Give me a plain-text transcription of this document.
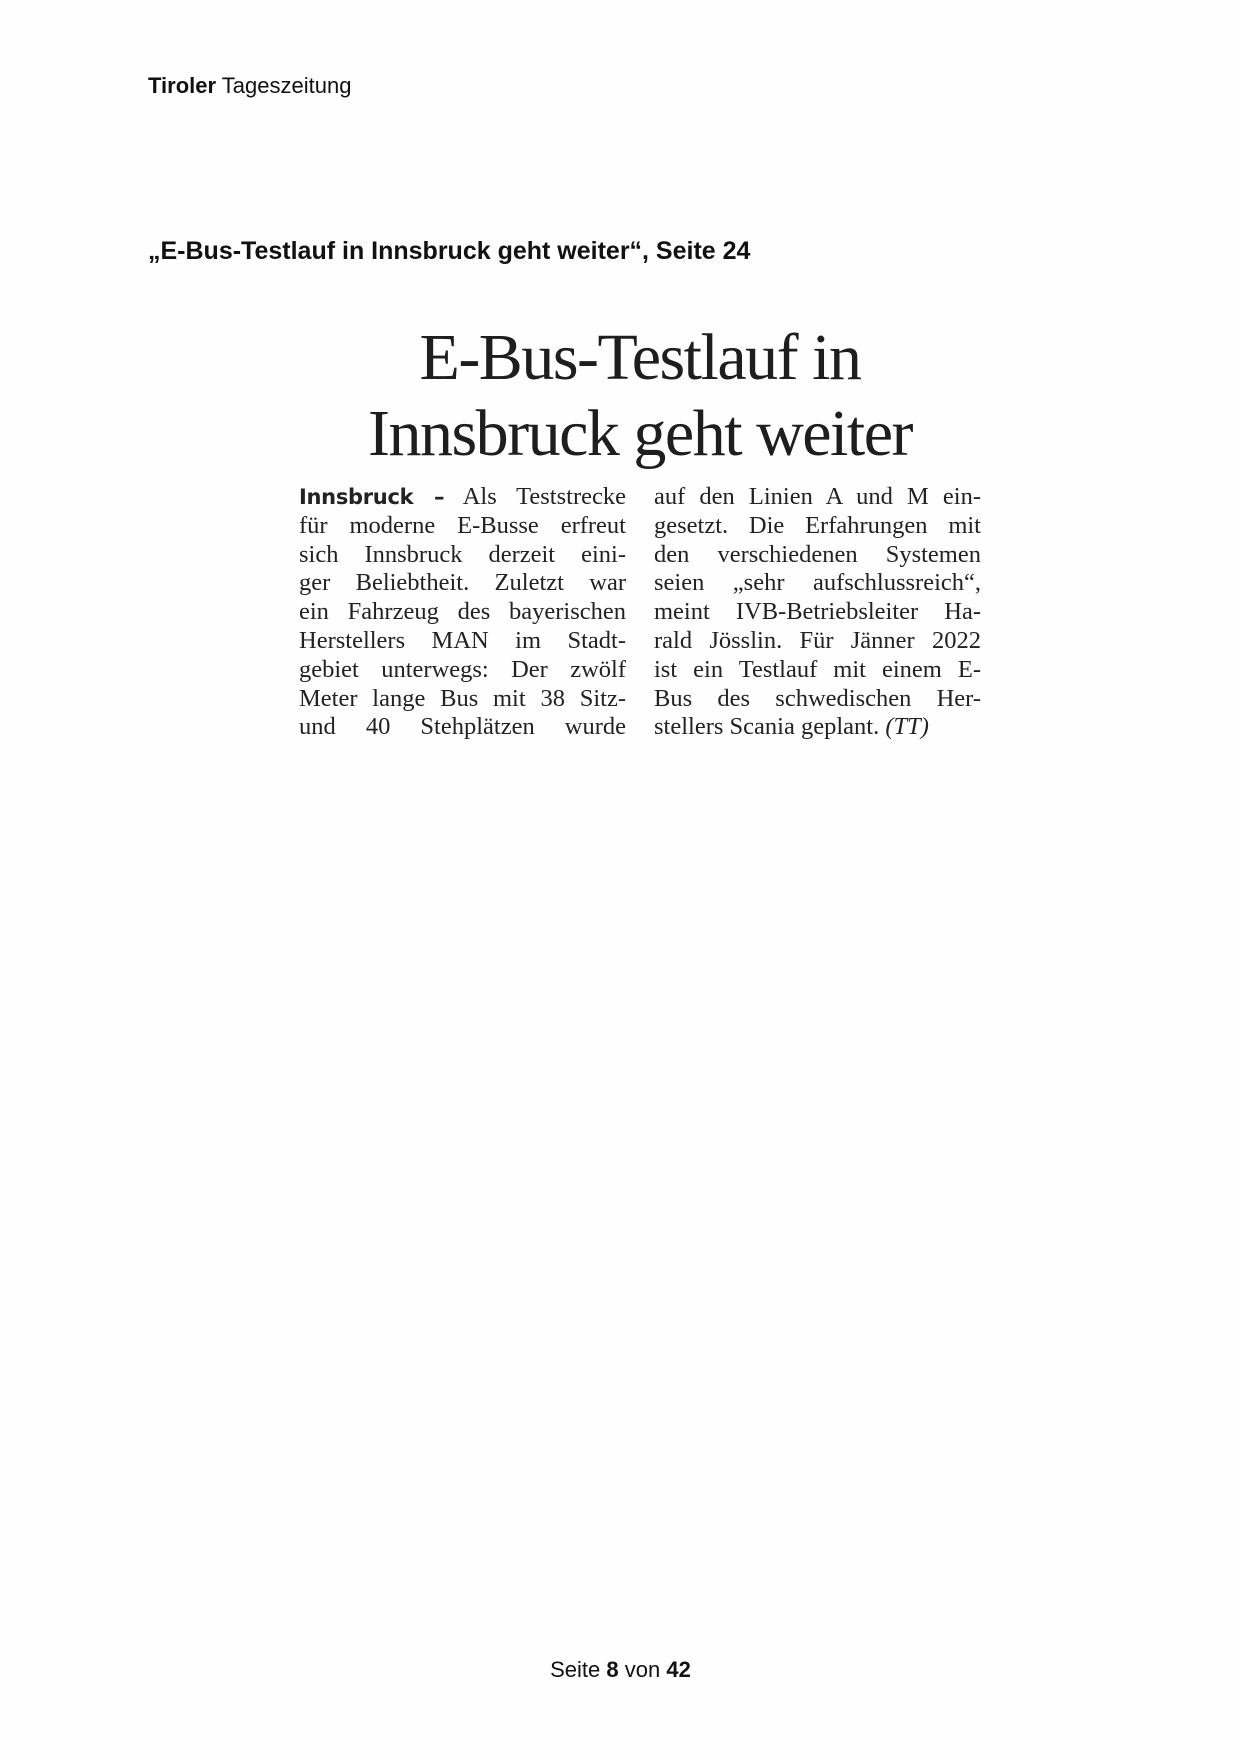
Tiroler Tageszeitung
„E-Bus-Testlauf in Innsbruck geht weiter“, Seite 24
E-Bus-Testlauf in
Innsbruck geht weiter
Innsbruck – Als Teststrecke
für moderne E-Busse erfreut
sich Innsbruck derzeit eini-
ger Beliebtheit. Zuletzt war
ein Fahrzeug des bayerischen
Herstellers MAN im Stadt-
gebiet unterwegs: Der zwölf
Meter lange Bus mit 38 Sitz-
und 40 Stehplätzen wurde
auf den Linien A und M ein-
gesetzt. Die Erfahrungen mit
den verschiedenen Systemen
seien „sehr aufschlussreich“,
meint IVB-Betriebsleiter Ha-
rald Jösslin. Für Jänner 2022
ist ein Testlauf mit einem E-
Bus des schwedischen Her-
stellers Scania geplant. (TT)
Seite 8 von 42
